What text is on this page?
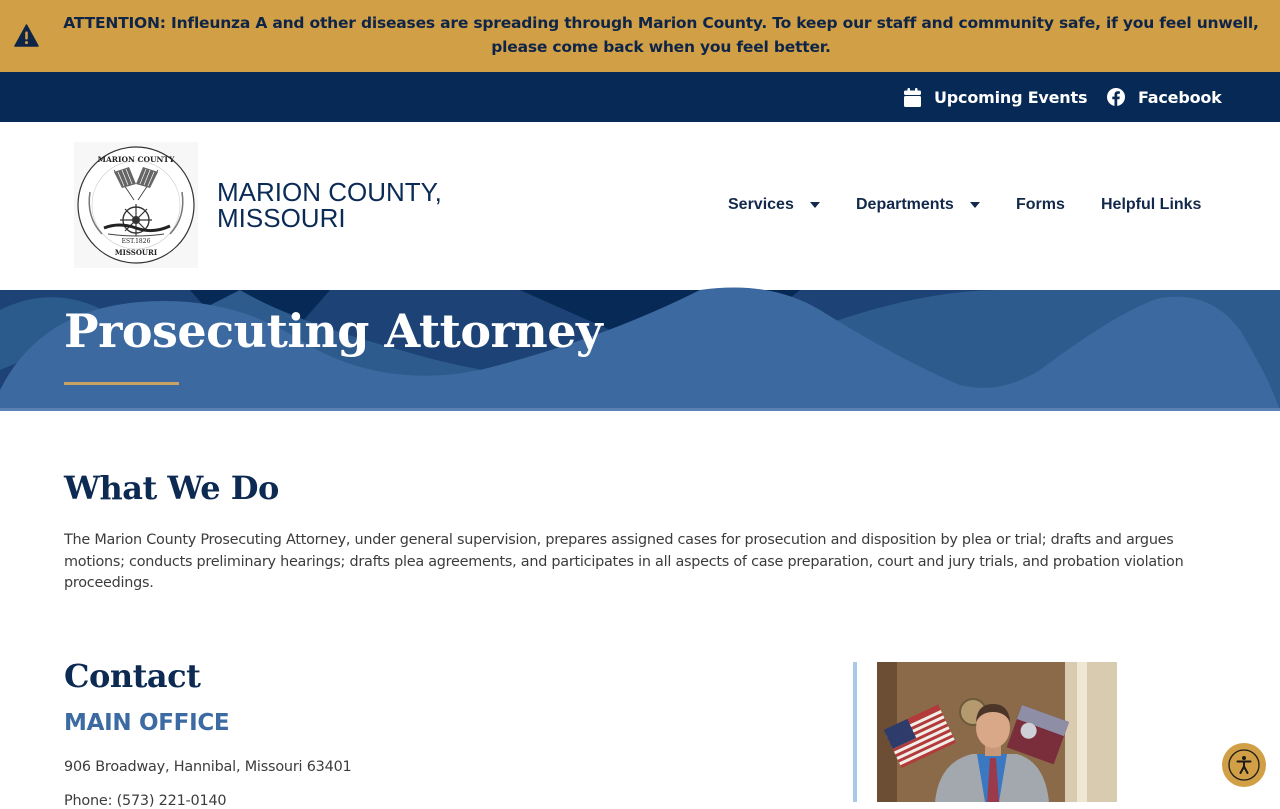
ATTENTION: Infleunza A and other diseases are spreading through Marion County. To keep our staff and community safe, if you feel unwell, please come back when you feel better.
Upcoming Events	Facebook
MARION COUNTY
EST.1826
MISSOURI
MARION COUNTY,
MISSOURI	Services	Departments	Forms Helpful Links
Prosecuting Attorney
What We Do

The Marion County Prosecuting Attorney, under general supervision, prepares assigned cases for prosecution and disposition by plea or trial; drafts and argues motions; conducts preliminary hearings; drafts plea agreements, and participates in all aspects of case preparation, court and jury trials, and probation violation proceedings.

Contact
MAIN OFFICE

906 Broadway, Hannibal, Missouri 63401

Phone: (573) 221-0140
